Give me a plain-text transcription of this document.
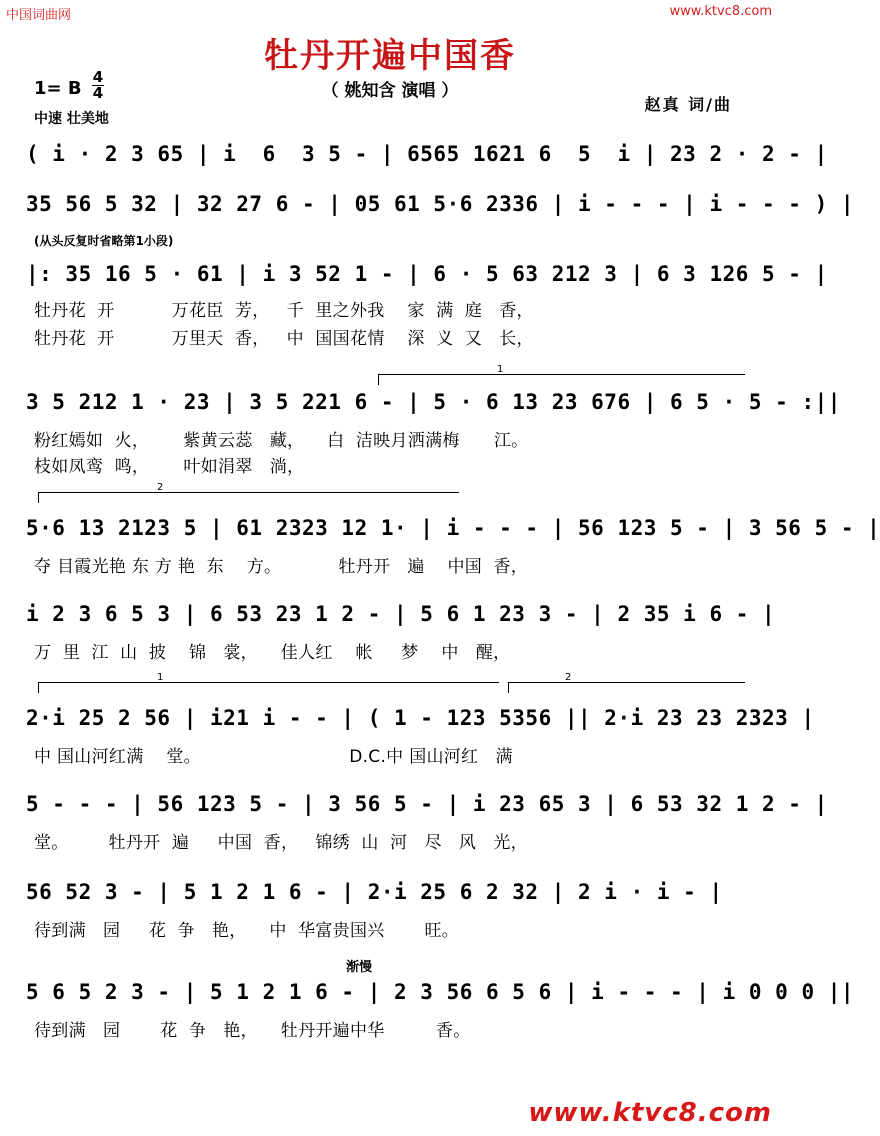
中国词曲网	www.ktvc8.com
牡丹开遍中国香
（ 姚知含 演唱 ）
1= B
4
4
中速 壮美地
赵真 词/曲
( i · 2 3 65 | i  6  3 5 - | 6565 1621 6  5  i | 23 2 · 2 - |
35 56 5 32 | 32 27 6 - | 05 61 5·6 2336 | i - - - | i - - - ) |
(从头反复时省略第1小段)
|: 35 16 5 · 61 | i 3 52 1 - | 6 · 5 63 212 3 | 6 3 126 5 - |
牡丹花  开          万花臣  芳，   千  里之外我    家  满  庭   香，
牡丹花  开          万里天  香，   中  国国花情    深  义  又   长，
1
3 5 212 1 · 23 | 3 5 221 6 - | 5 · 6 13 23 676 | 6 5 · 5 - :||
粉红嫣如  火，      紫黄云蕊   藏，    白  洁映月洒满梅      江。
枝如凤鸾  鸣，      叶如涓翠   淌，
2
5·6 13 2123 5 | 61 2323 12 1· | i - - - | 56 123 5 - | 3 56 5 - |
夺 目霞光艳 东 方 艳  东    方。          牡丹开   遍    中国  香，
i 2 3 6 5 3 | 6 53 23 1 2 - | 5 6 1 23 3 - | 2 35 i 6 - |
万  里  江  山  披    锦   裳，    佳人红    帐     梦    中   醒，
1	2
2·i 25 2 56 | i21 i - - | ( 1 - 123 5356 || 2·i 23 23 2323 |
中 国山河红满    堂。                          D.C.中 国山河红   满
5 - - - | 56 123 5 - | 3 56 5 - | i 23 65 3 | 6 53 32 1 2 - |
堂。       牡丹开  遍     中国  香，   锦绣  山  河   尽   风   光，
56 52 3 - | 5 1 2 1 6 - | 2·i 25 6 2 32 | 2 i · i - |
待到满   园     花  争   艳，    中  华富贵国兴       旺。
渐慢
5 6 5 2 3 - | 5 1 2 1 6 - | 2 3 56 6 5 6 | i - - - | i 0 0 0 ||
待到满   园       花  争   艳，    牡丹开遍中华         香。
www.ktvc8.com
